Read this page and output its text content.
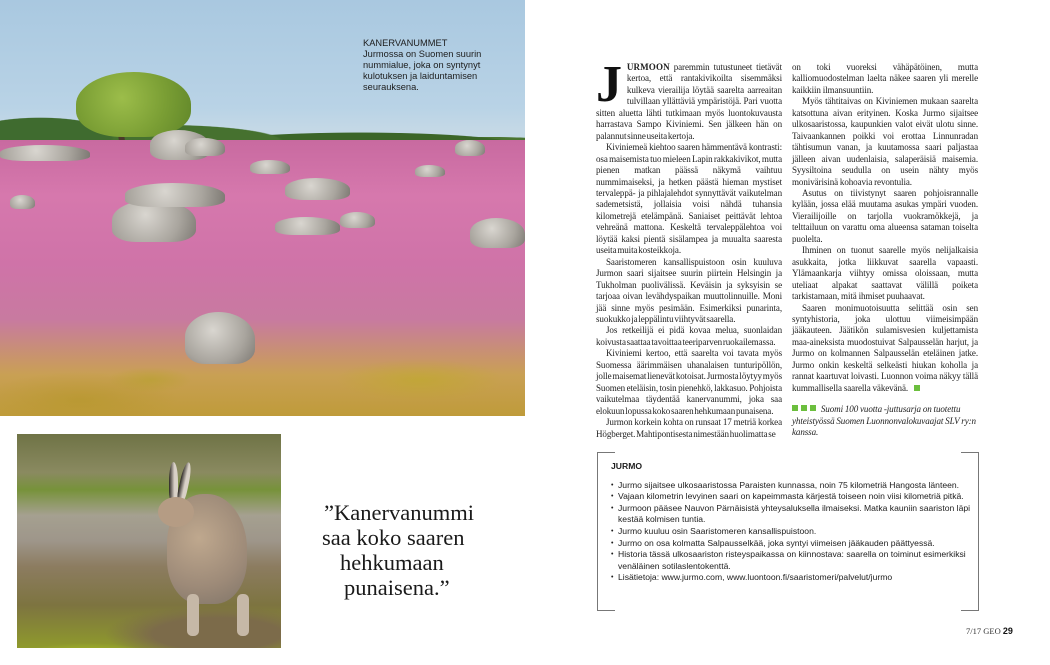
KANERVANUMMET
Jurmossa on Suomen suurin nummialue, joka on syntynyt kulotuksen ja laiduntamisen seurauksena.
”Kanervanummi
saa koko saaren
hehkumaan
punaisena.”

JURMOON paremmin tutustuneet tietävät kertoa, että rantakivikoilta sisemmäksi kulkeva vierailija löytää saarelta aarreaitan tulvillaan yllättäviä ympäristöjä. Pari vuotta sitten aluetta lähti tutkimaan myös luontokuvausta harrastava Sampo Kiviniemi. Sen jälkeen hän on palannut sinne useita kertoja.

Kiviniemeä kiehtoo saaren hämmentävä kontrasti: osa maisemista tuo mieleen Lapin rakkakivikot, mutta pienen matkan päässä näkymä vaihtuu nummimaiseksi, ja hetken päästä hieman mystiset tervaleppä- ja pihlajalehdot synnyttävät vaikutelman sademetsistä, jollaisia voisi nähdä tuhansia kilometrejä etelämpänä. Saniaiset peittävät lehtoa vehreänä mattona. Keskeltä tervaleppälehtoa voi löytää kaksi pientä sisälampea ja muualta saaresta useita muita kosteikkoja.

Saaristomeren kansallispuistoon osin kuuluva Jurmon saari sijaitsee suurin piirtein Helsingin ja Tukholman puolivälissä. Keväisin ja syksyisin se tarjoaa oivan levähdyspaikan muuttolinnuille. Moni jää sinne myös pesimään. Esimerkiksi punarinta, suokukko ja leppälintu viihtyvät saarella.

Jos retkeilijä ei pidä kovaa melua, suonlaidan koivusta saattaa tavoittaa teeriparven ruokailemassa.

Kiviniemi kertoo, että saarelta voi tavata myös Suomessa äärimmäisen uhanalaisen tunturipöllön, jolle maisemat lienevät kotoisat. Jurmosta löytyy myös Suomen eteläisin, tosin pienehkö, lakkasuo. Pohjoista vaikutelmaa täydentää kanervanummi, joka saa elokuun lopussa koko saaren hehkumaan punaisena.

Jurmon korkein kohta on runsaat 17 metriä korkea Högberget. Mahtipontisesta nimestään huolimatta se

on toki vuoreksi vähäpätöinen, mutta kalliomuodostelman laelta näkee saaren yli merelle kaikkiin ilmansuuntiin.

Myös tähtitaivas on Kiviniemen mukaan saarelta katsottuna aivan erityinen. Koska Jurmo sijaitsee ulkosaaristossa, kaupunkien valot eivät ulotu sinne. Taivaankannen poikki voi erottaa Linnunradan tähtisumun vanan, ja kuutamossa saari paljastaa jälleen aivan uudenlaisia, salaperäisiä maisemia. Syysiltoina seudulla on usein nähty myös monivärisinä kohoavia revontulia.

Asutus on tiivistynyt saaren pohjoisrannalle kylään, jossa elää muutama asukas ympäri vuoden. Vierailijoille on tarjolla vuokramökkejä, ja telttailuun on varattu oma alueensa sataman toiselta puolelta.

Ihminen on tuonut saarelle myös nelijalkaisia asukkaita, jotka liikkuvat saarella vapaasti. Ylämaankarja viihtyy omissa oloissaan, mutta uteliaat alpakat saattavat välillä poiketa tarkistamaan, mitä ihmiset puuhaavat.

Saaren monimuotoisuutta selittää osin sen syntyhistoria, joka ulottuu viimeisimpään jääkauteen. Jäätikön sulamisvesien kuljettamista maa-aineksista muodostuivat Salpausselän harjut, ja Jurmo on kolmannen Salpausselän eteläinen jatke. Jurmo onkin keskeltä selkeästi hiukan koholla ja rannat kaartuvat loivasti. Luonnon voima näkyy tällä kummallisella saarella väkevänä.

Suomi 100 vuotta -juttusarja on tuotettu yhteistyössä Suomen Luonnonvalokuvaajat SLV ry:n kanssa.
JURMO
• Jurmo sijaitsee ulkosaaristossa Paraisten kunnassa, noin 75 kilometriä Hangosta länteen.
• Vajaan kilometrin levyinen saari on kapeimmasta kärjestä toiseen noin viisi kilometriä pitkä.
• Jurmoon pääsee Nauvon Pärnäisistä yhteysaluksella ilmaiseksi. Matka kauniin saariston läpi kestää kolmisen tuntia.
• Jurmo kuuluu osin Saaristomeren kansallispuistoon.
• Jurmo on osa kolmatta Salpausselkää, joka syntyi viimeisen jääkauden päättyessä.
• Historia tässä ulkosaariston risteyspaikassa on kiinnostava: saarella on toiminut esimerkiksi venäläinen sotilaslentokenttä.
• Lisätietoja: www.jurmo.com, www.luontoon.fi/saaristomeri/palvelut/jurmo
7/17 GEO 29
